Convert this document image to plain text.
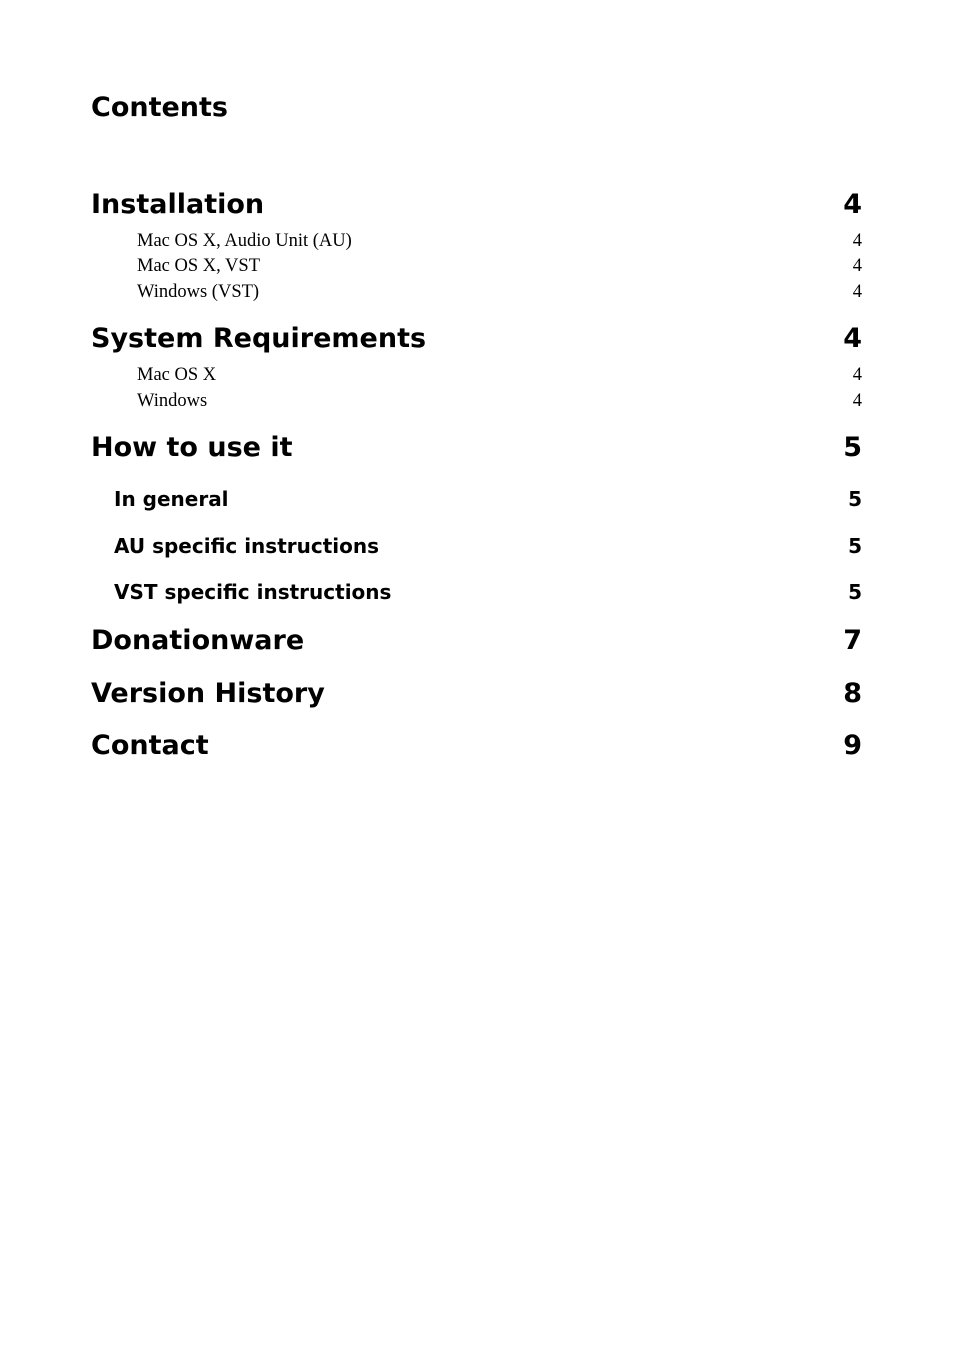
Contents
Installation	4
Mac OS X, Audio Unit (AU)	4
Mac OS X, VST	4
Windows (VST)	4
System Requirements	4
Mac OS X	4
Windows	4
How to use it	5
In general	5
AU specific instructions	5
VST specific instructions	5
Donationware	7
Version History	8
Contact	9
